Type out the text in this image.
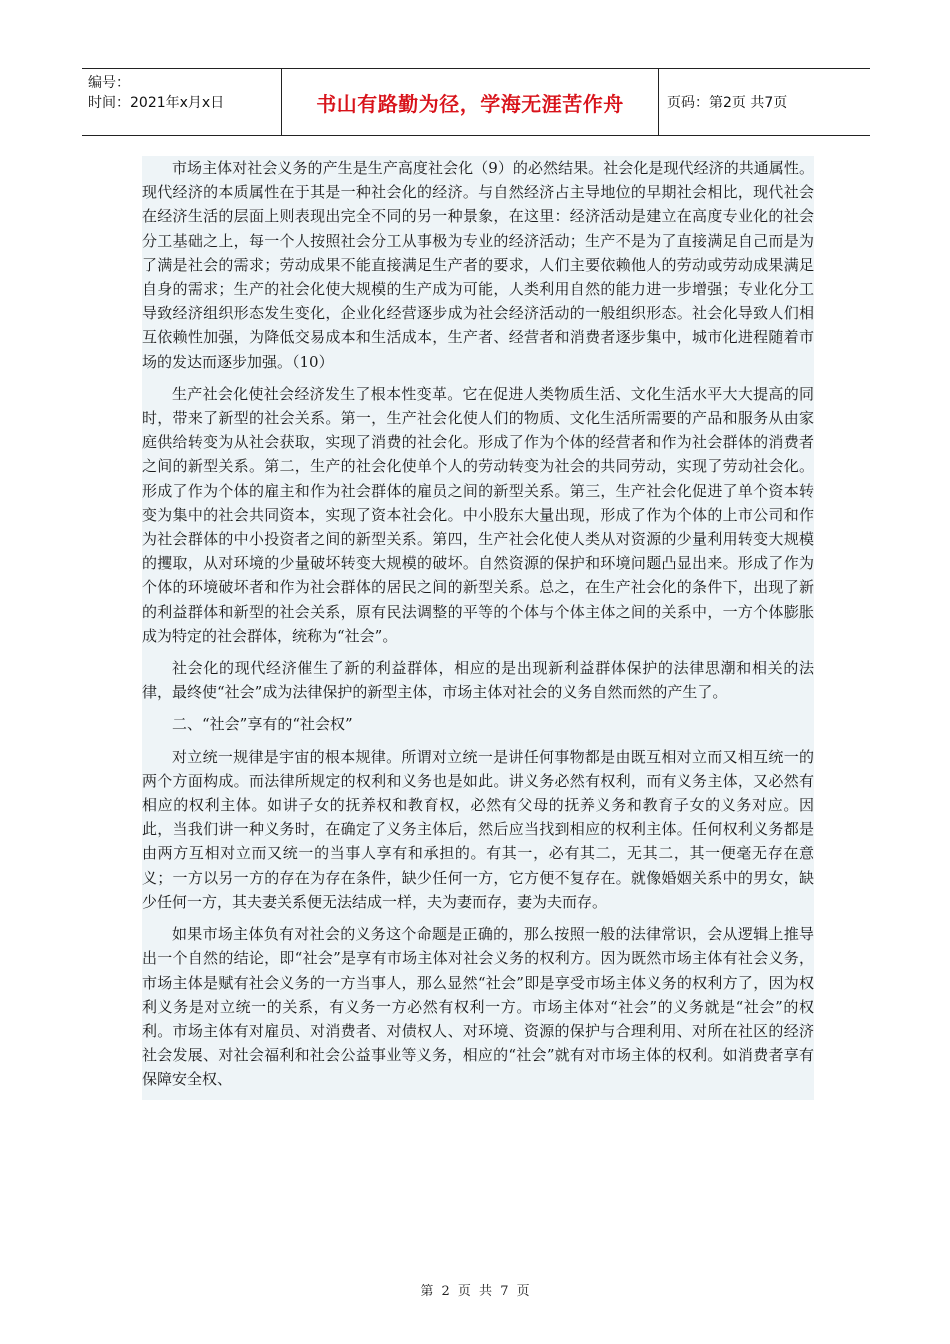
编号：
时间：2021年x月x日	书山有路勤为径，学海无涯苦作舟	页码：第2页 共7页

市场主体对社会义务的产生是生产高度社会化（9）的必然结果。社会化是现代经济的共通属性。现代经济的本质属性在于其是一种社会化的经济。与自然经济占主导地位的早期社会相比，现代社会在经济生活的层面上则表现出完全不同的另一种景象，在这里：经济活动是建立在高度专业化的社会分工基础之上，每一个人按照社会分工从事极为专业的经济活动；生产不是为了直接满足自己而是为了满是社会的需求；劳动成果不能直接满足生产者的要求，人们主要依赖他人的劳动或劳动成果满足自身的需求；生产的社会化使大规模的生产成为可能，人类利用自然的能力进一步增强；专业化分工导致经济组织形态发生变化，企业化经营逐步成为社会经济活动的一般组织形态。社会化导致人们相互依赖性加强，为降低交易成本和生活成本，生产者、经营者和消费者逐步集中，城市化进程随着市场的发达而逐步加强。（10）

生产社会化使社会经济发生了根本性变革。它在促进人类物质生活、文化生活水平大大提高的同时，带来了新型的社会关系。第一，生产社会化使人们的物质、文化生活所需要的产品和服务从由家庭供给转变为从社会获取，实现了消费的社会化。形成了作为个体的经营者和作为社会群体的消费者之间的新型关系。第二，生产的社会化使单个人的劳动转变为社会的共同劳动，实现了劳动社会化。形成了作为个体的雇主和作为社会群体的雇员之间的新型关系。第三，生产社会化促进了单个资本转变为集中的社会共同资本，实现了资本社会化。中小股东大量出现，形成了作为个体的上市公司和作为社会群体的中小投资者之间的新型关系。第四，生产社会化使人类从对资源的少量利用转变大规模的攫取，从对环境的少量破坏转变大规模的破坏。自然资源的保护和环境问题凸显出来。形成了作为个体的环境破坏者和作为社会群体的居民之间的新型关系。总之，在生产社会化的条件下，出现了新的利益群体和新型的社会关系，原有民法调整的平等的个体与个体主体之间的关系中，一方个体膨胀成为特定的社会群体，统称为“社会”。

社会化的现代经济催生了新的利益群体，相应的是出现新利益群体保护的法律思潮和相关的法律，最终使“社会”成为法律保护的新型主体，市场主体对社会的义务自然而然的产生了。

二、“社会”享有的“社会权”

对立统一规律是宇宙的根本规律。所谓对立统一是讲任何事物都是由既互相对立而又相互统一的两个方面构成。而法律所规定的权利和义务也是如此。讲义务必然有权利，而有义务主体，又必然有相应的权利主体。如讲子女的抚养权和教育权，必然有父母的抚养义务和教育子女的义务对应。因此，当我们讲一种义务时，在确定了义务主体后，然后应当找到相应的权利主体。任何权利义务都是由两方互相对立而又统一的当事人享有和承担的。有其一，必有其二，无其二，其一便毫无存在意义；一方以另一方的存在为存在条件，缺少任何一方，它方便不复存在。就像婚姻关系中的男女，缺少任何一方，其夫妻关系便无法结成一样，夫为妻而存，妻为夫而存。

如果市场主体负有对社会的义务这个命题是正确的，那么按照一般的法律常识，会从逻辑上推导出一个自然的结论，即“社会”是享有市场主体对社会义务的权利方。因为既然市场主体有社会义务，市场主体是赋有社会义务的一方当事人，那么显然“社会”即是享受市场主体义务的权利方了，因为权利义务是对立统一的关系，有义务一方必然有权利一方。市场主体对“社会”的义务就是“社会”的权利。市场主体有对雇员、对消费者、对债权人、对环境、资源的保护与合理利用、对所在社区的经济社会发展、对社会福利和社会公益事业等义务，相应的“社会”就有对市场主体的权利。如消费者享有保障安全权、

第 2 页 共 7 页
